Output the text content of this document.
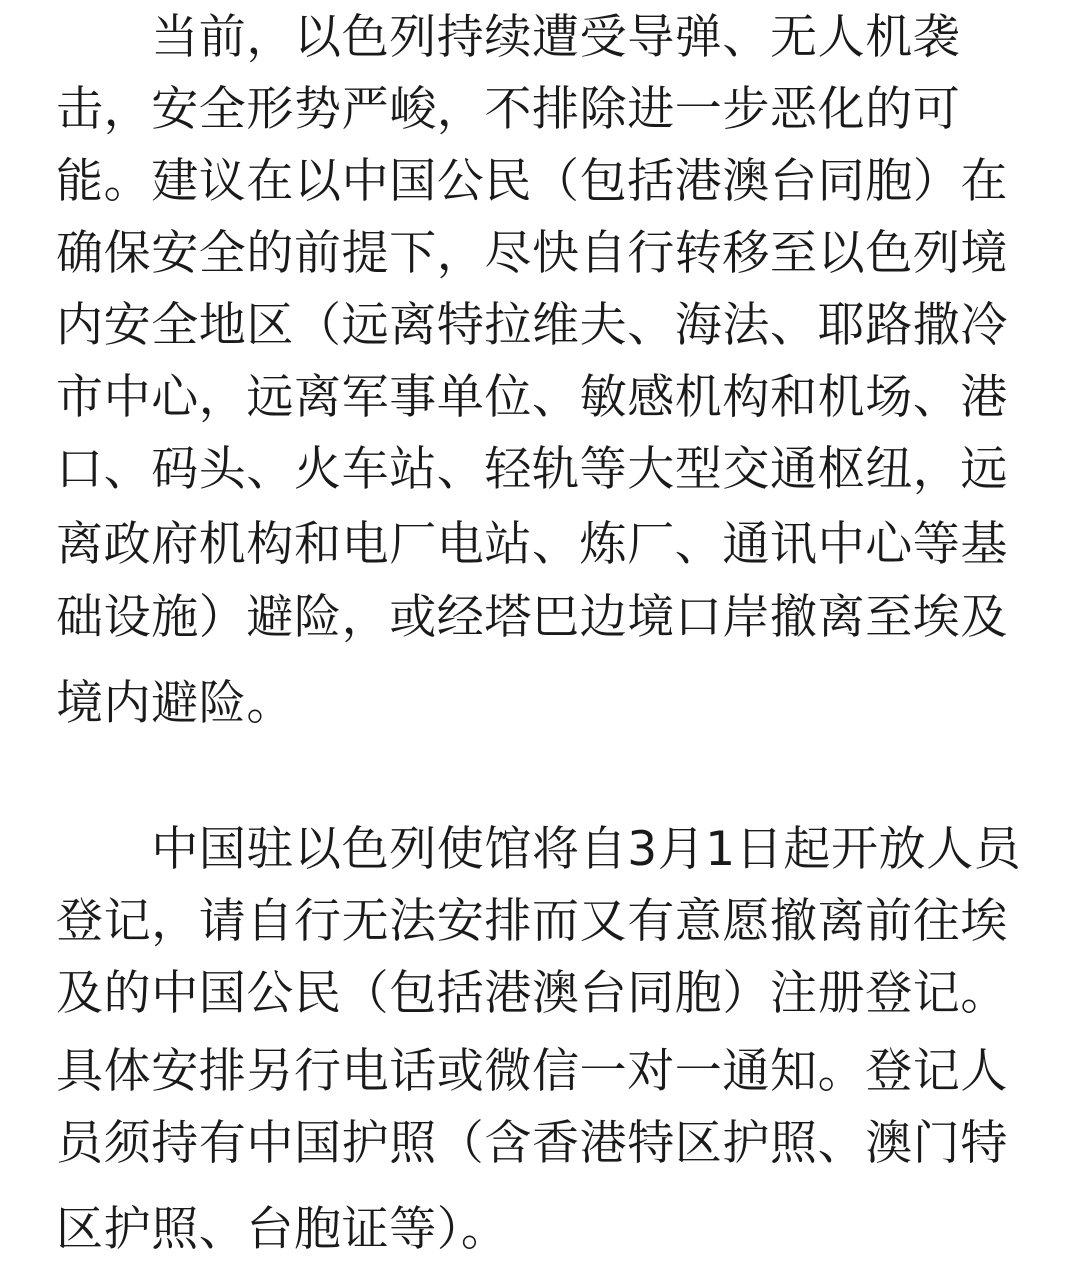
　　当前，以色列持续遭受导弹、无人机袭
击，安全形势严峻，不排除进一步恶化的可
能。建议在以中国公民（包括港澳台同胞）在
确保安全的前提下，尽快自行转移至以色列境
内安全地区（远离特拉维夫、海法、耶路撒冷
市中心，远离军事单位、敏感机构和机场、港
口、码头、火车站、轻轨等大型交通枢纽，远
离政府机构和电厂电站、炼厂、通讯中心等基
础设施）避险，或经塔巴边境口岸撤离至埃及
境内避险。
　　中国驻以色列使馆将自3月1日起开放人员
登记，请自行无法安排而又有意愿撤离前往埃
及的中国公民（包括港澳台同胞）注册登记。
具体安排另行电话或微信一对一通知。登记人
员须持有中国护照（含香港特区护照、澳门特
区护照、台胞证等）。
